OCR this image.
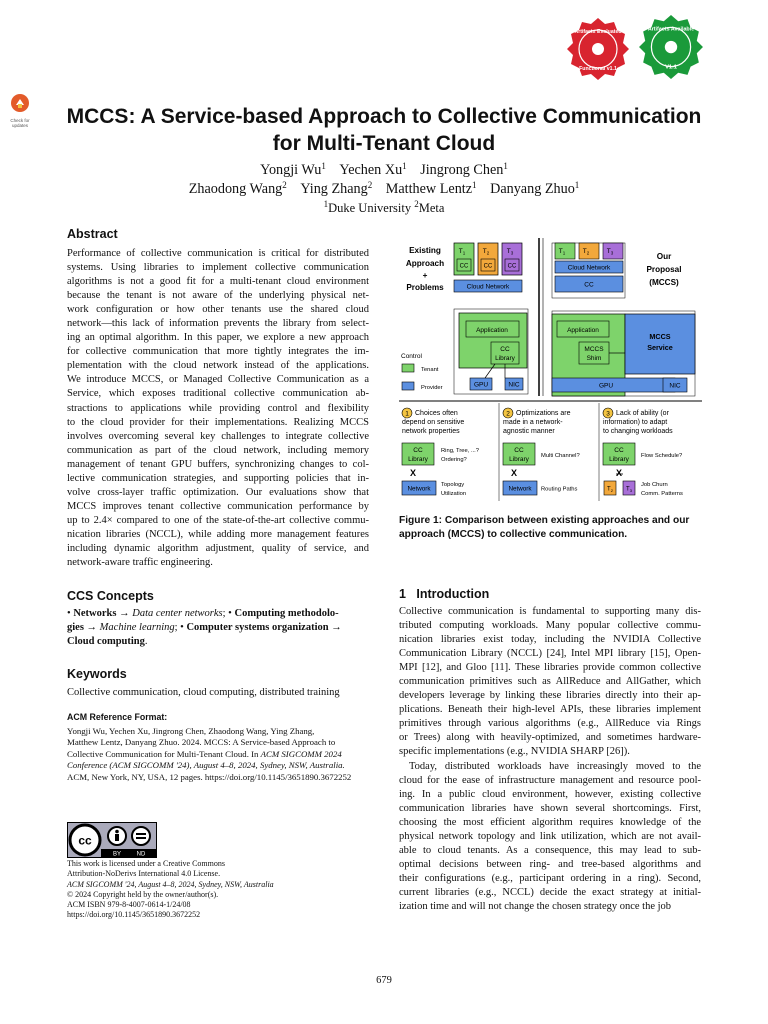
Check for updates
Artifacts Evaluated
Functional v1.1
Artifacts Available
V1.1
MCCS: A Service-based Approach to Collective Communication
for Multi-Tenant Cloud
Yongji Wu$^1$ Yechen Xu$^1$ Jingrong Chen$^1$
Zhaodong Wang$^2$ Ying Zhang$^2$ Matthew Lentz$^1$ Danyang Zhuo$^1$
$^1$Duke University $^2$Meta
Abstract
Performance of collective communication is critical for distributed
systems. Using libraries to implement collective communication
algorithms is not a good fit for a multi-tenant cloud environment
because the tenant is not aware of the underlying physical net-
work configuration or how other tenants use the shared cloud
network—this lack of information prevents the library from select-
ing an optimal algorithm. In this paper, we explore a new approach
for collective communication that more tightly integrates the im-
plementation with the cloud network instead of the applications.
We introduce MCCS, or Managed Collective Communication as a
Service, which exposes traditional collective communication ab-
stractions to applications while providing control and flexibility
to the cloud provider for their implementations. Realizing MCCS
involves overcoming several key challenges to integrate collective
communication as part of the cloud network, including memory
management of tenant GPU buffers, synchronizing changes to col-
lective communication strategies, and supporting policies that in-
volve cross-layer traffic optimization. Our evaluations show that
MCCS improves tenant collective communication performance by
up to 2.4× compared to one of the state-of-the-art collective commu-
nication libraries (NCCL), while adding more management features
including dynamic algorithm adjustment, quality of service, and
network-aware traffic engineering.
CCS Concepts
• Networks → Data center networks; • Computing methodolo-
gies → Machine learning; • Computer systems organization →
Cloud computing.
Keywords
Collective communication, cloud computing, distributed training
ACM Reference Format:
Yongji Wu, Yechen Xu, Jingrong Chen, Zhaodong Wang, Ying Zhang,
Matthew Lentz, Danyang Zhuo. 2024. MCCS: A Service-based Approach to
Collective Communication for Multi-Tenant Cloud. In ACM SIGCOMM 2024
Conference (ACM SIGCOMM '24), August 4–8, 2024, Sydney, NSW, Australia.
ACM, New York, NY, USA, 12 pages. https://doi.org/10.1145/3651890.3672252
cc
BY	ND
This work is licensed under a Creative Commons
Attribution-NoDerivs International 4.0 License.
ACM SIGCOMM '24, August 4–8, 2024, Sydney, NSW, Australia
© 2024 Copyright held by the owner/author(s).
ACM ISBN 979-8-4007-0614-1/24/08
https://doi.org/10.1145/3651890.3672252
Existing
Approach
+
Problems
Our
Proposal
(MCCS)
$T_1$	$T_2$	$T_3$
CC	CC	CC
Cloud Network
$T_1$	$T_2$	$T_3$
Cloud Network
CC
Application
CC
Library
GPU	NIC
Control
Tenant
Provider
Application
MCCS
Shim
MCCS
Service
GPU	NIC
1 Choices often
depend on sensitive
network properties
2 Optimizations are
made in a network-
agnostic manner
3 Lack of ability (or
information) to adapt
to changing workloads
CC
Library
Ring, Tree, ...?
Ordering?
X
Network
Topology
Utilization
CC
Library Multi Channel?
X
Network Routing Paths
CC
Library Flow Schedule?
X
$T_2$ $T_3$
Job Churn
Comm. Patterns
Figure 1: Comparison between existing approaches and our
approach (MCCS) to collective communication.
1 Introduction
Collective communication is fundamental to supporting many dis-
tributed computing workloads. Many popular collective commu-
nication libraries exist today, including the NVIDIA Collective
Communication Library (NCCL) [24], Intel MPI library [15], Open-
MPI [12], and Gloo [11]. These libraries provide common collective
communication primitives such as AllReduce and AllGather, which
developers leverage by linking these libraries directly into their ap-
plications. Beneath their high-level APIs, these libraries implement
primitives through various algorithms (e.g., AllReduce via Rings
or Trees) along with heavily-optimized, and sometimes hardware-
specific implementations (e.g., NVIDIA SHARP [26]).
Today, distributed workloads have increasingly moved to the
cloud for the ease of infrastructure management and resource pool-
ing. In a public cloud environment, however, existing collective
communication libraries have shown several shortcomings. First,
choosing the most efficient algorithm requires knowledge of the
physical network topology and link utilization, which are not avail-
able to cloud tenants. As a consequence, this may lead to sub-
optimal decisions between ring- and tree-based algorithms and
their configurations (e.g., participant ordering in a ring). Second,
current libraries (e.g., NCCL) decide the exact strategy at initial-
ization time and will not change the chosen strategy once the job
679
